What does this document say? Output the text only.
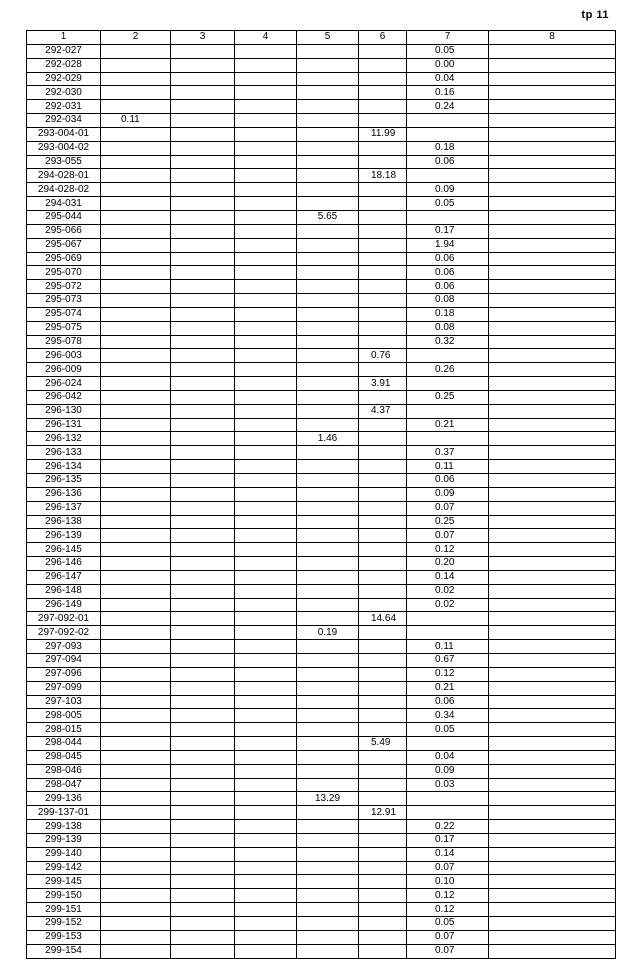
tp 11
1	2	3	4	5	6	7	8
292-027						0.05	
292-028						0.00	
292-029						0.04	
292-030						0.16	
292-031						0.24	
292-034	0.11						
293-004-01					11.99		
293-004-02						0.18	
293-055						0.06	
294-028-01					18.18		
294-028-02						0.09	
294-031						0.05	
295-044				5.65			
295-066						0.17	
295-067						1.94	
295-069						0.06	
295-070						0.06	
295-072						0.06	
295-073						0.08	
295-074						0.18	
295-075						0.08	
295-078						0.32	
296-003					0.76		
296-009						0.26	
296-024					3.91		
296-042						0.25	
296-130					4.37		
296-131						0.21	
296-132				1.46			
296-133						0.37	
296-134						0.11	
296-135						0.06	
296-136						0.09	
296-137						0.07	
296-138						0.25	
296-139						0.07	
296-145						0.12	
296-146						0.20	
296-147						0.14	
296-148						0.02	
296-149						0.02	
297-092-01					14.64		
297-092-02				0.19			
297-093						0.11	
297-094						0.67	
297-096						0.12	
297-099						0.21	
297-103						0.06	
298-005						0.34	
298-015						0.05	
298-044					5.49		
298-045						0.04	
298-046						0.09	
298-047						0.03	
299-136				13.29			
299-137-01					12.91		
299-138						0.22	
299-139						0.17	
299-140						0.14	
299-142						0.07	
299-145						0.10	
299-150						0.12	
299-151						0.12	
299-152						0.05	
299-153						0.07	
299-154						0.07	
